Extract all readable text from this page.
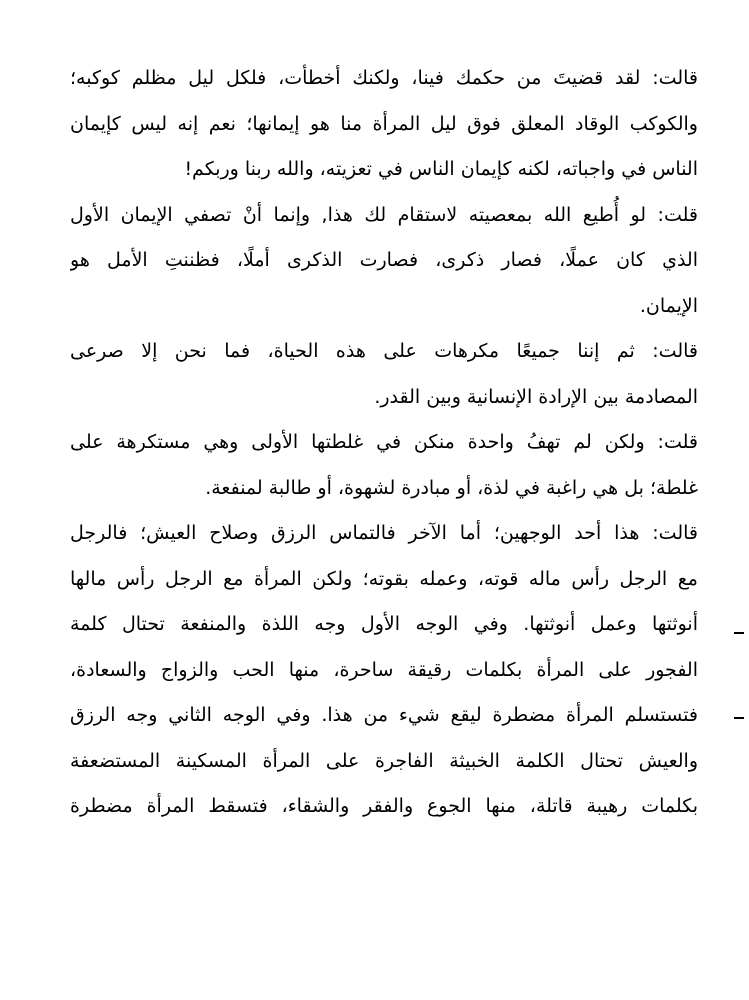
قالت: لقد قضيتَ من حكمك فينا، ولكنك أخطأت، فلكل ليل مظلم كوكبه؛
والكوكب الوقاد المعلق فوق ليل المرأة منا هو إيمانها؛ نعم إنه ليس كإيمان
الناس في واجباته، لكنه كإيمان الناس في تعزيته، والله ربنا وربكم!
قلت: لو أُطيع الله بمعصيته لاستقام لك هذا, وإنما أنْ تصفي الإيمان الأول
الذي كان عملًا، فصار ذكرى، فصارت الذكرى أملًا، فظننتِ الأمل هو
الإيمان.
قالت: ثم إننا جميعًا مكرهات على هذه الحياة، فما نحن إلا صرعى
المصادمة بين الإرادة الإنسانية وبين القدر.
قلت: ولكن لم تهفُ واحدة منكن في غلطتها الأولى وهي مستكرهة على
غلطة؛ بل هي راغبة في لذة، أو مبادرة لشهوة، أو طالبة لمنفعة.
قالت: هذا أحد الوجهين؛ أما الآخر فالتماس الرزق وصلاح العيش؛ فالرجل
مع الرجل رأس ماله قوته، وعمله بقوته؛ ولكن المرأة مع الرجل رأس مالها
أنوثتها وعمل أنوثتها. وفي الوجه الأول وجه اللذة والمنفعة تحتال كلمة
الفجور على المرأة بكلمات رقيقة ساحرة، منها الحب والزواج والسعادة،
فتستسلم المرأة مضطرة ليقع شيء من هذا. وفي الوجه الثاني وجه الرزق
والعيش تحتال الكلمة الخبيثة الفاجرة على المرأة المسكينة المستضعفة
بكلمات رهيبة قاتلة، منها الجوع والفقر والشقاء، فتسقط المرأة مضطرة
